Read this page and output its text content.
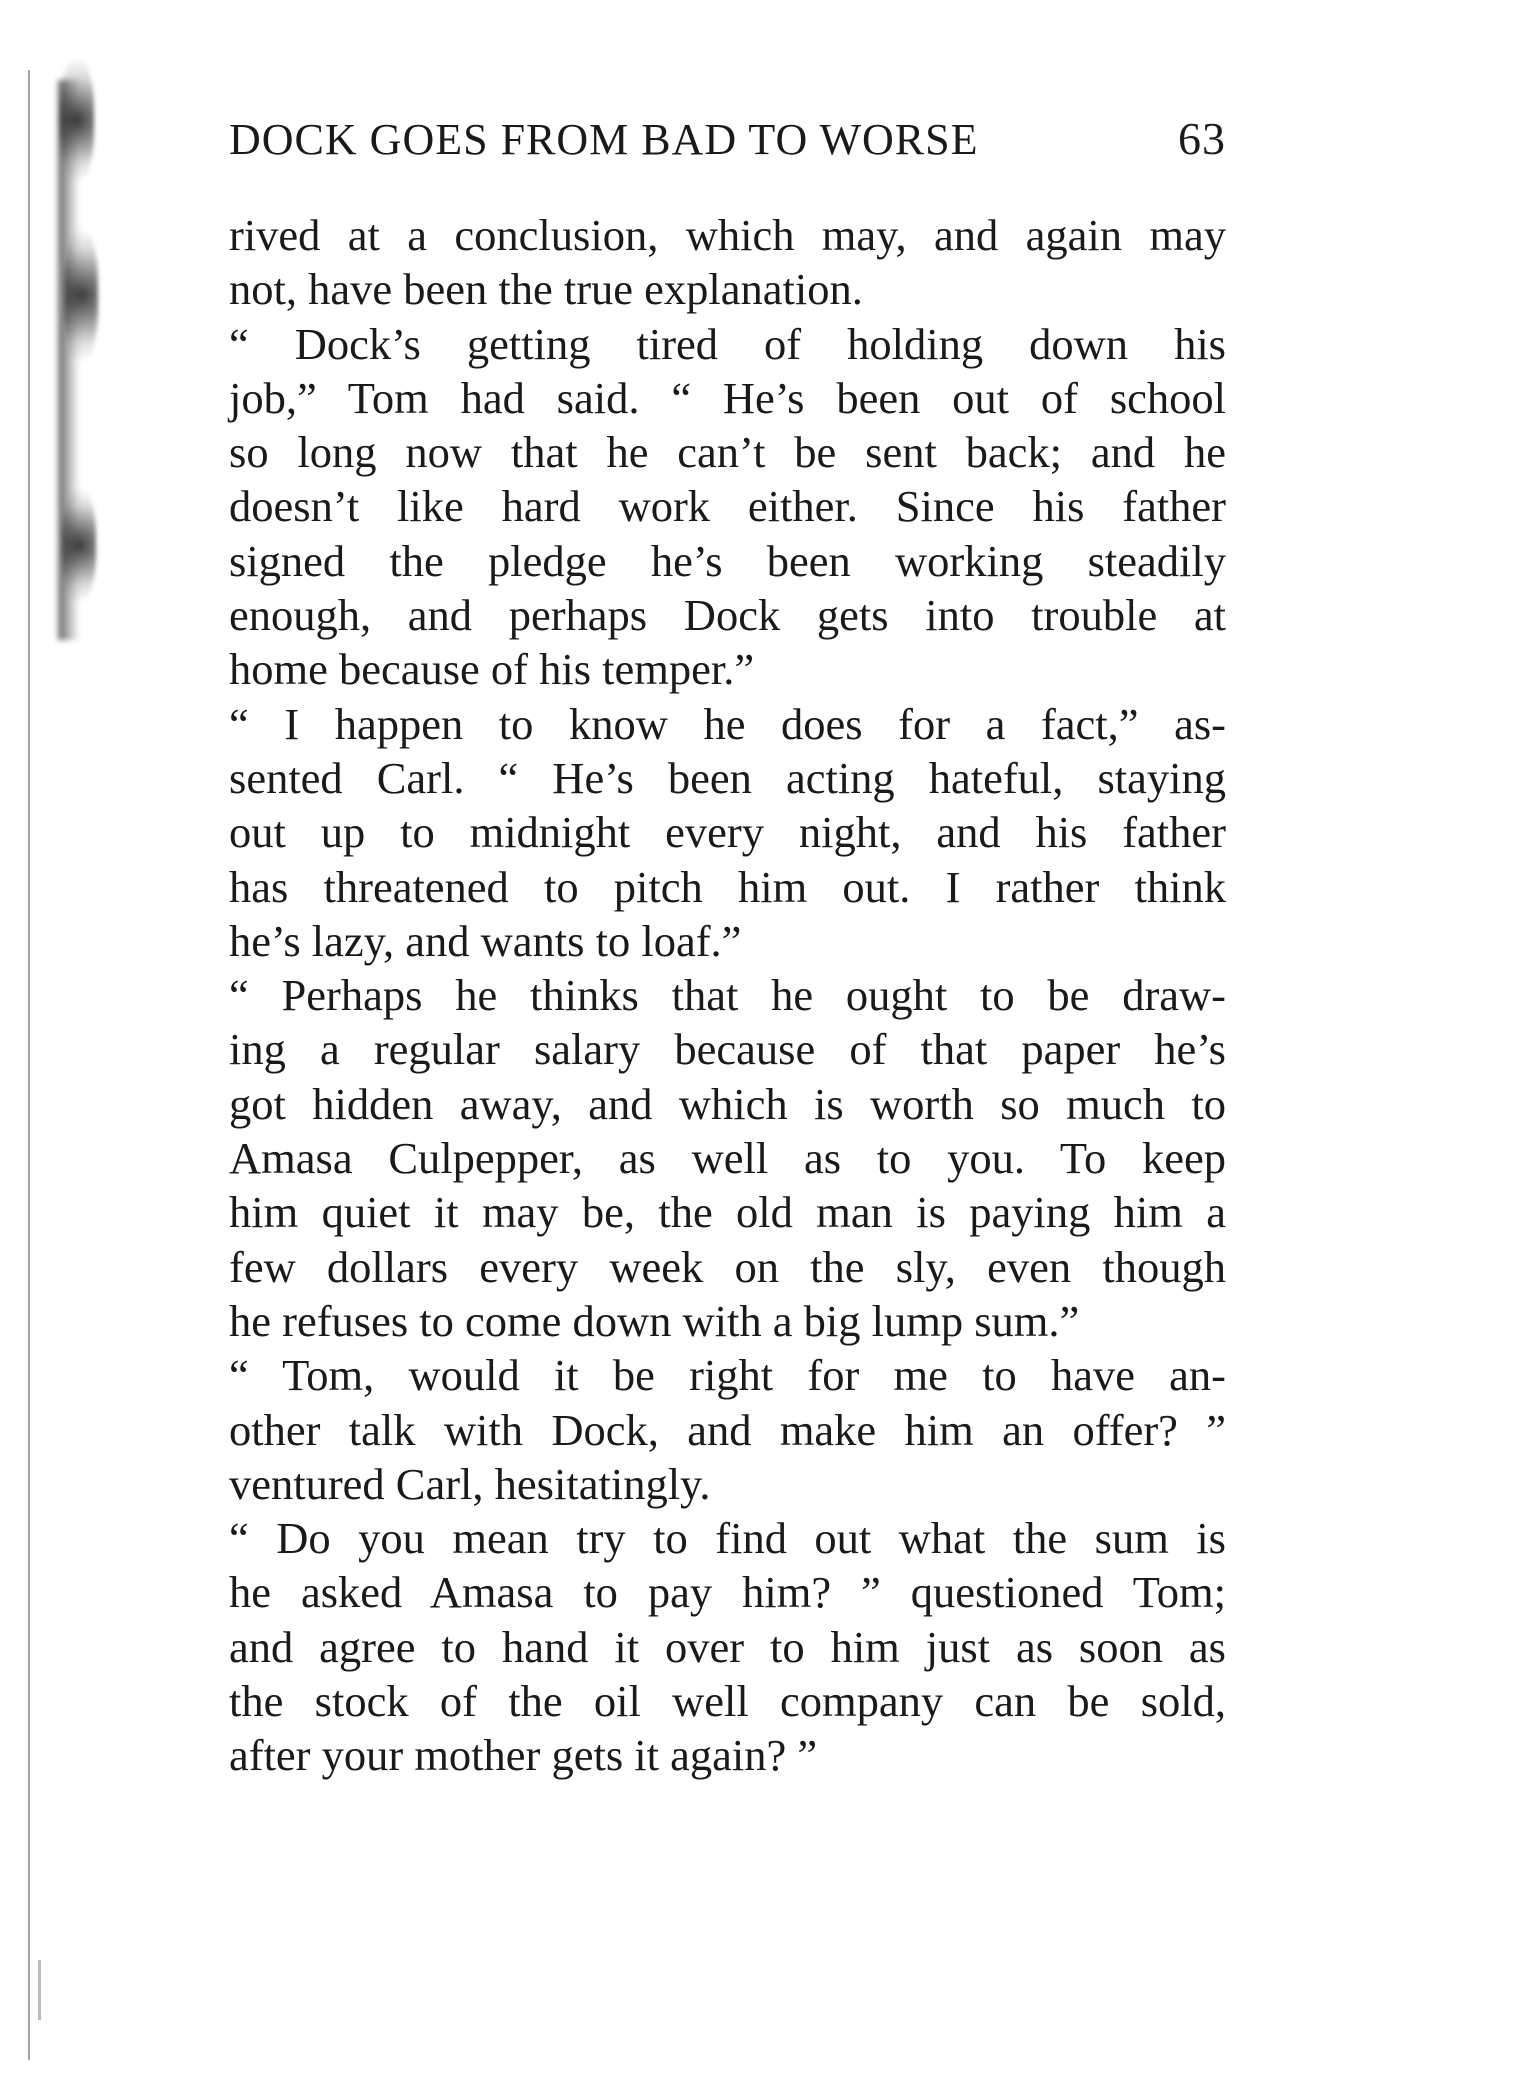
DOCK GOES FROM BAD TO WORSE	63

rived at a conclusion, which may, and again may
not, have been the true explanation.

“ Dock’s getting tired of holding down his
job,” Tom had said. “ He’s been out of school
so long now that he can’t be sent back; and he
doesn’t like hard work either. Since his father
signed the pledge he’s been working steadily
enough, and perhaps Dock gets into trouble at
home because of his temper.”

“ I happen to know he does for a fact,” as-
sented Carl. “ He’s been acting hateful, staying
out up to midnight every night, and his father
has threatened to pitch him out. I rather think
he’s lazy, and wants to loaf.”

“ Perhaps he thinks that he ought to be draw-
ing a regular salary because of that paper he’s
got hidden away, and which is worth so much to
Amasa Culpepper, as well as to you. To keep
him quiet it may be, the old man is paying him a
few dollars every week on the sly, even though
he refuses to come down with a big lump sum.”

“ Tom, would it be right for me to have an-
other talk with Dock, and make him an offer? ”
ventured Carl, hesitatingly.

“ Do you mean try to find out what the sum is
he asked Amasa to pay him? ” questioned Tom;
and agree to hand it over to him just as soon as
the stock of the oil well company can be sold,
after your mother gets it again? ”
